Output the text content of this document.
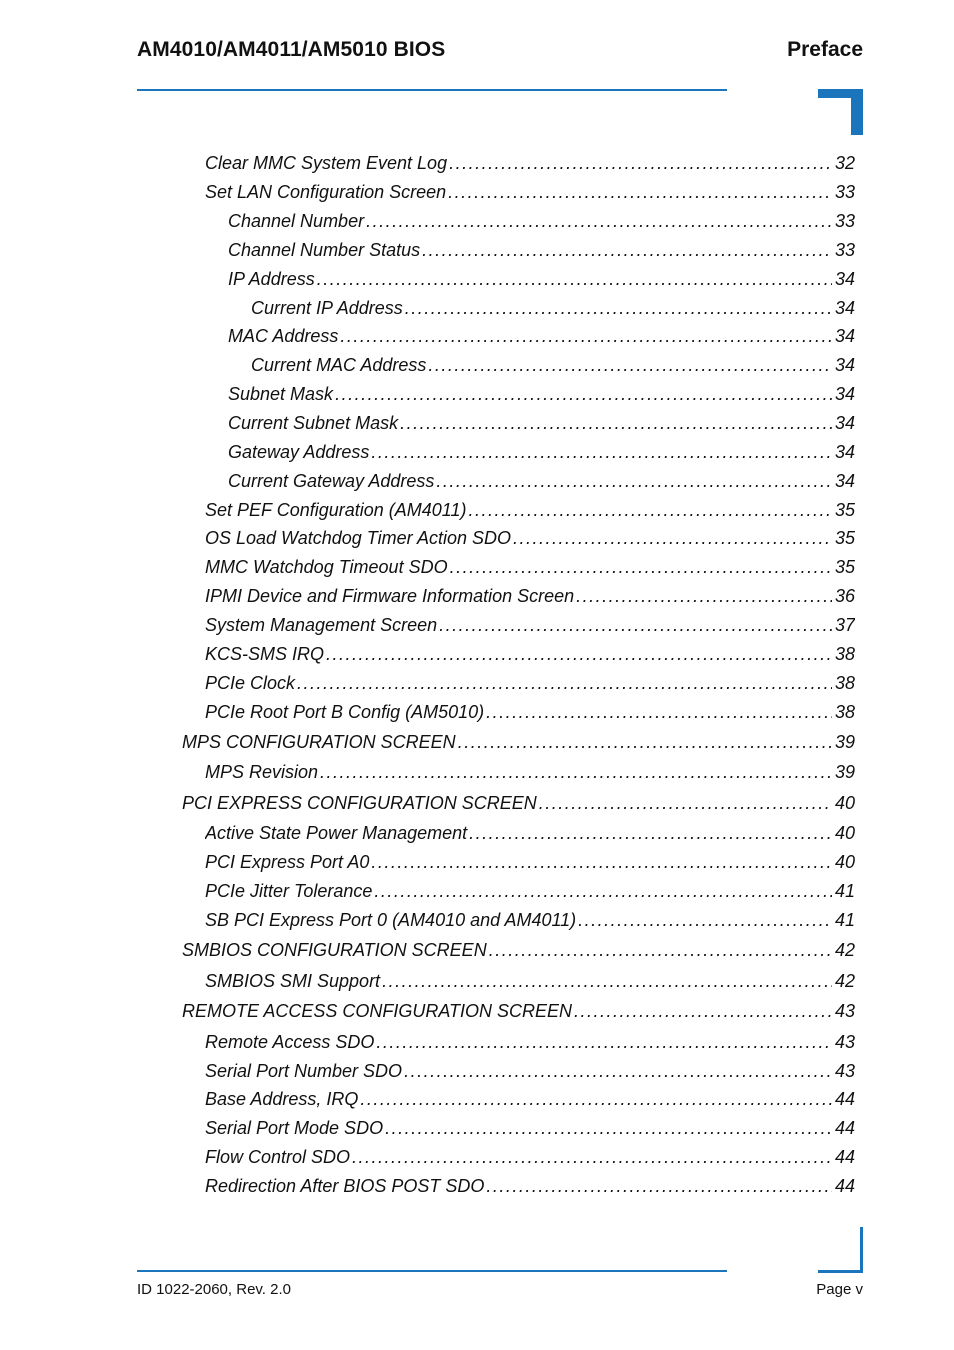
AM4010/AM4011/AM5010 BIOS	Preface
Clear MMC System Event Log .....	32
Set LAN Configuration Screen .....	33
Channel Number .....	33
Channel Number Status .....	33
IP Address .....	34
Current IP Address .....	34
MAC Address .....	34
Current MAC Address .....	34
Subnet Mask .....	34
Current Subnet Mask .....	34
Gateway Address .....	34
Current Gateway Address .....	34
Set PEF Configuration (AM4011) .....	35
OS Load Watchdog Timer Action SDO .....	35
MMC Watchdog Timeout SDO .....	35
IPMI Device and Firmware Information Screen .....	36
System Management Screen .....	37
KCS-SMS IRQ .....	38
PCIe Clock .....	38
PCIe Root Port B Config (AM5010) .....	38
MPS CONFIGURATION SCREEN .....	39
MPS Revision .....	39
PCI EXPRESS CONFIGURATION SCREEN .....	40
Active State Power Management .....	40
PCI Express Port A0 .....	40
PCIe Jitter Tolerance .....	41
SB PCI Express Port 0 (AM4010 and AM4011) .....	41
SMBIOS CONFIGURATION SCREEN .....	42
SMBIOS SMI Support .....	42
REMOTE ACCESS CONFIGURATION SCREEN .....	43
Remote Access SDO .....	43
Serial Port Number SDO .....	43
Base Address, IRQ .....	44
Serial Port Mode SDO .....	44
Flow Control SDO .....	44
Redirection After BIOS POST SDO .....	44
ID 1022-2060, Rev. 2.0	Page v
